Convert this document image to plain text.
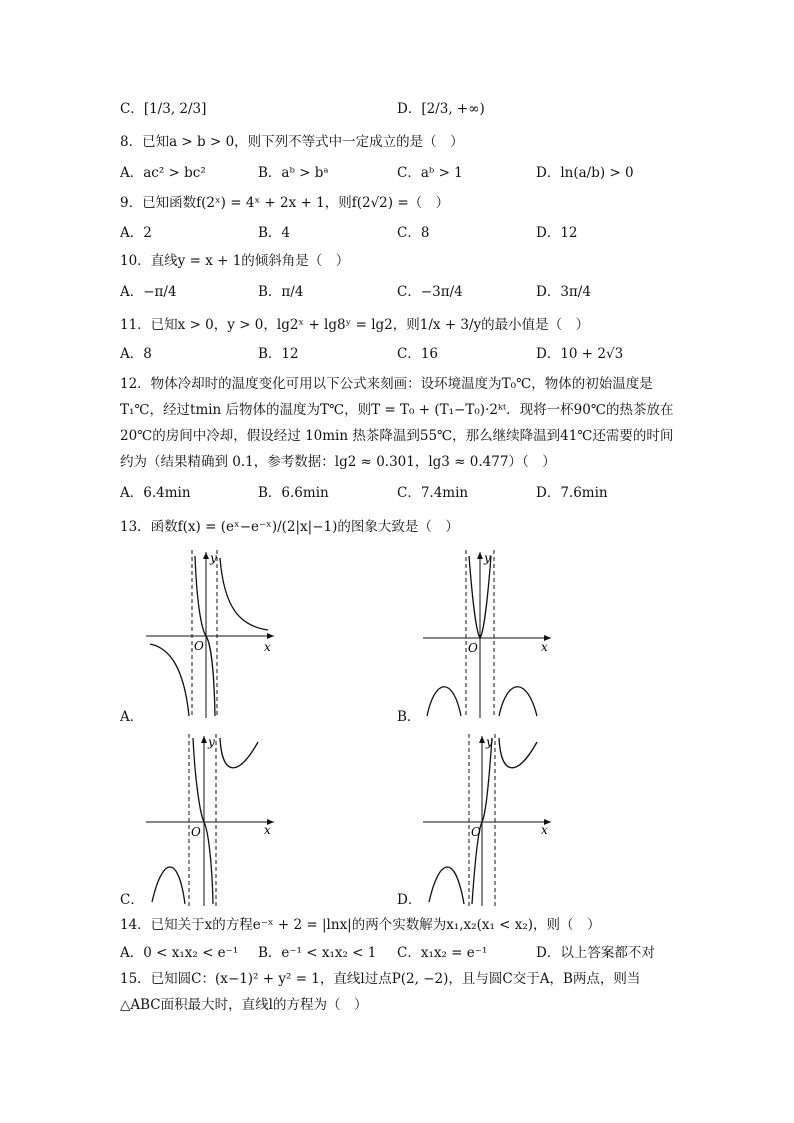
C．[1/3, 2/3]	D．[2/3, +∞)
8．已知a > b > 0，则下列不等式中一定成立的是（　）
A．ac² > bc²	B．aᵇ > bᵃ	C．aᵇ > 1	D．ln(a/b) > 0
9．已知函数f(2ˣ) = 4ˣ + 2x + 1，则f(2√2) =（　）
A．2	B．4	C．8	D．12
10．直线y = x + 1的倾斜角是（　）
A．−π/4	B．π/4	C．−3π/4	D．3π/4
11．已知x > 0，y > 0，lg2ˣ + lg8ʸ = lg2，则1/x + 3/y的最小值是（　）
A．8	B．12	C．16	D．10 + 2√3
12．物体冷却时的温度变化可用以下公式来刻画：设环境温度为T₀℃，物体的初始温度是T₁℃，经过tmin 后物体的温度为T℃，则T = T₀ + (T₁−T₀)·2ᵏᵗ．现将一杯90℃的热茶放在20℃的房间中冷却，假设经过 10min 热茶降温到55℃，那么继续降温到41℃还需要的时间约为（结果精确到 0.1，参考数据：lg2 ≈ 0.301，lg3 ≈ 0.477）（　）
A．6.4min	B．6.6min	C．7.4min	D．7.6min
13．函数f(x) = (eˣ−e⁻ˣ)/(2|x|−1)的图象大致是（　）
A．
x
y
O
B．
x
y
O
C．
x
y
O
D．
x
y
O
14．已知关于x的方程e⁻ˣ + 2 = |lnx|的两个实数解为x₁,x₂(x₁ < x₂)，则（　）
A．0 < x₁x₂ < e⁻¹ B．e⁻¹ < x₁x₂ < 1 C．x₁x₂ = e⁻¹	D．以上答案都不对
15．已知圆C：(x−1)² + y² = 1，直线l过点P(2, −2)，且与圆C交于A，B两点，则当△ABC面积最大时，直线l的方程为（　）
